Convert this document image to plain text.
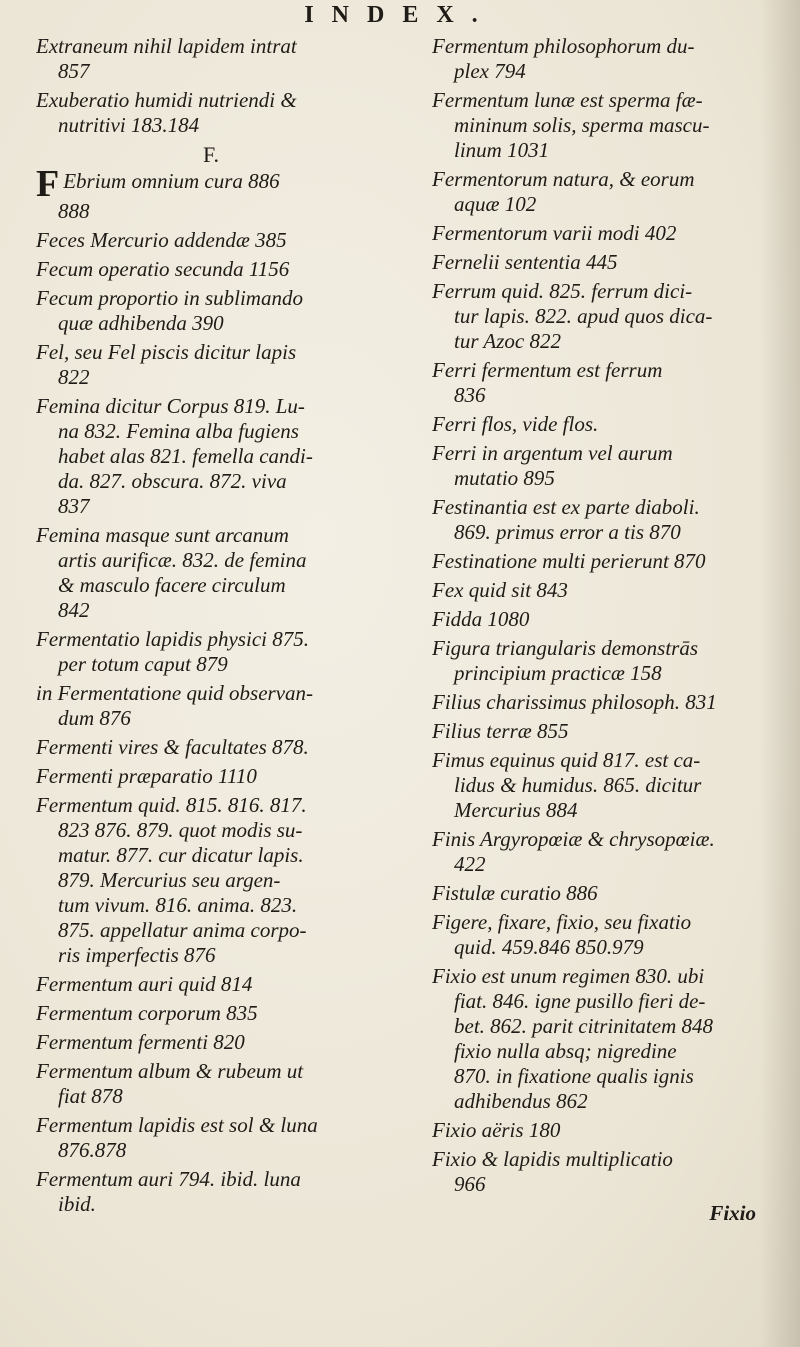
INDEX.
Extraneum nihil lapidem intrat
857
Exuberatio humidi nutriendi &
nutritivi 183.184
F.
F Ebrium omnium cura 886
888
Feces Mercurio addendæ 385
Fecum operatio secunda 1156
Fecum proportio in sublimando
quæ adhibenda 390
Fel, seu Fel piscis dicitur lapis
822
Femina dicitur Corpus 819. Lu-
na 832. Femina alba fugiens
habet alas 821. femella candi-
da. 827. obscura. 872. viva
837
Femina masque sunt arcanum
artis aurificæ. 832. de femina
& masculo facere circulum
842
Fermentatio lapidis physici 875.
per totum caput 879
in Fermentatione quid observan-
dum 876
Fermenti vires & facultates 878.
Fermenti præparatio 1110
Fermentum quid. 815. 816. 817.
823 876. 879. quot modis su-
matur. 877. cur dicatur lapis.
879. Mercurius seu argen-
tum vivum. 816. anima. 823.
875. appellatur anima corpo-
ris imperfectis 876
Fermentum auri quid 814
Fermentum corporum 835
Fermentum fermenti 820
Fermentum album & rubeum ut
fiat 878
Fermentum lapidis est sol & luna
876.878
Fermentum auri 794. ibid. luna
ibid.
Fermentum philosophorum du-
plex 794
Fermentum lunæ est sperma fæ-
mininum solis, sperma mascu-
linum 1031
Fermentorum natura, & eorum
aquæ 102
Fermentorum varii modi 402
Fernelii sententia 445
Ferrum quid. 825. ferrum dici-
tur lapis. 822. apud quos dica-
tur Azoc 822
Ferri fermentum est ferrum
836
Ferri flos, vide flos.
Ferri in argentum vel aurum
mutatio 895
Festinantia est ex parte diaboli.
869. primus error a tis 870
Festinatione multi perierunt 870
Fex quid sit 843
Fidda 1080
Figura triangularis demonstrās
principium practicæ 158
Filius charissimus philosoph. 831
Filius terræ 855
Fimus equinus quid 817. est ca-
lidus & humidus. 865. dicitur
Mercurius 884
Finis Argyropœiæ & chrysopœiæ.
422
Fistulæ curatio 886
Figere, fixare, fixio, seu fixatio
quid. 459.846 850.979
Fixio est unum regimen 830. ubi
fiat. 846. igne pusillo fieri de-
bet. 862. parit citrinitatem 848
fixio nulla absq; nigredine
870. in fixatione qualis ignis
adhibendus 862
Fixio aëris 180
Fixio & lapidis multiplicatio
966
Fixio
